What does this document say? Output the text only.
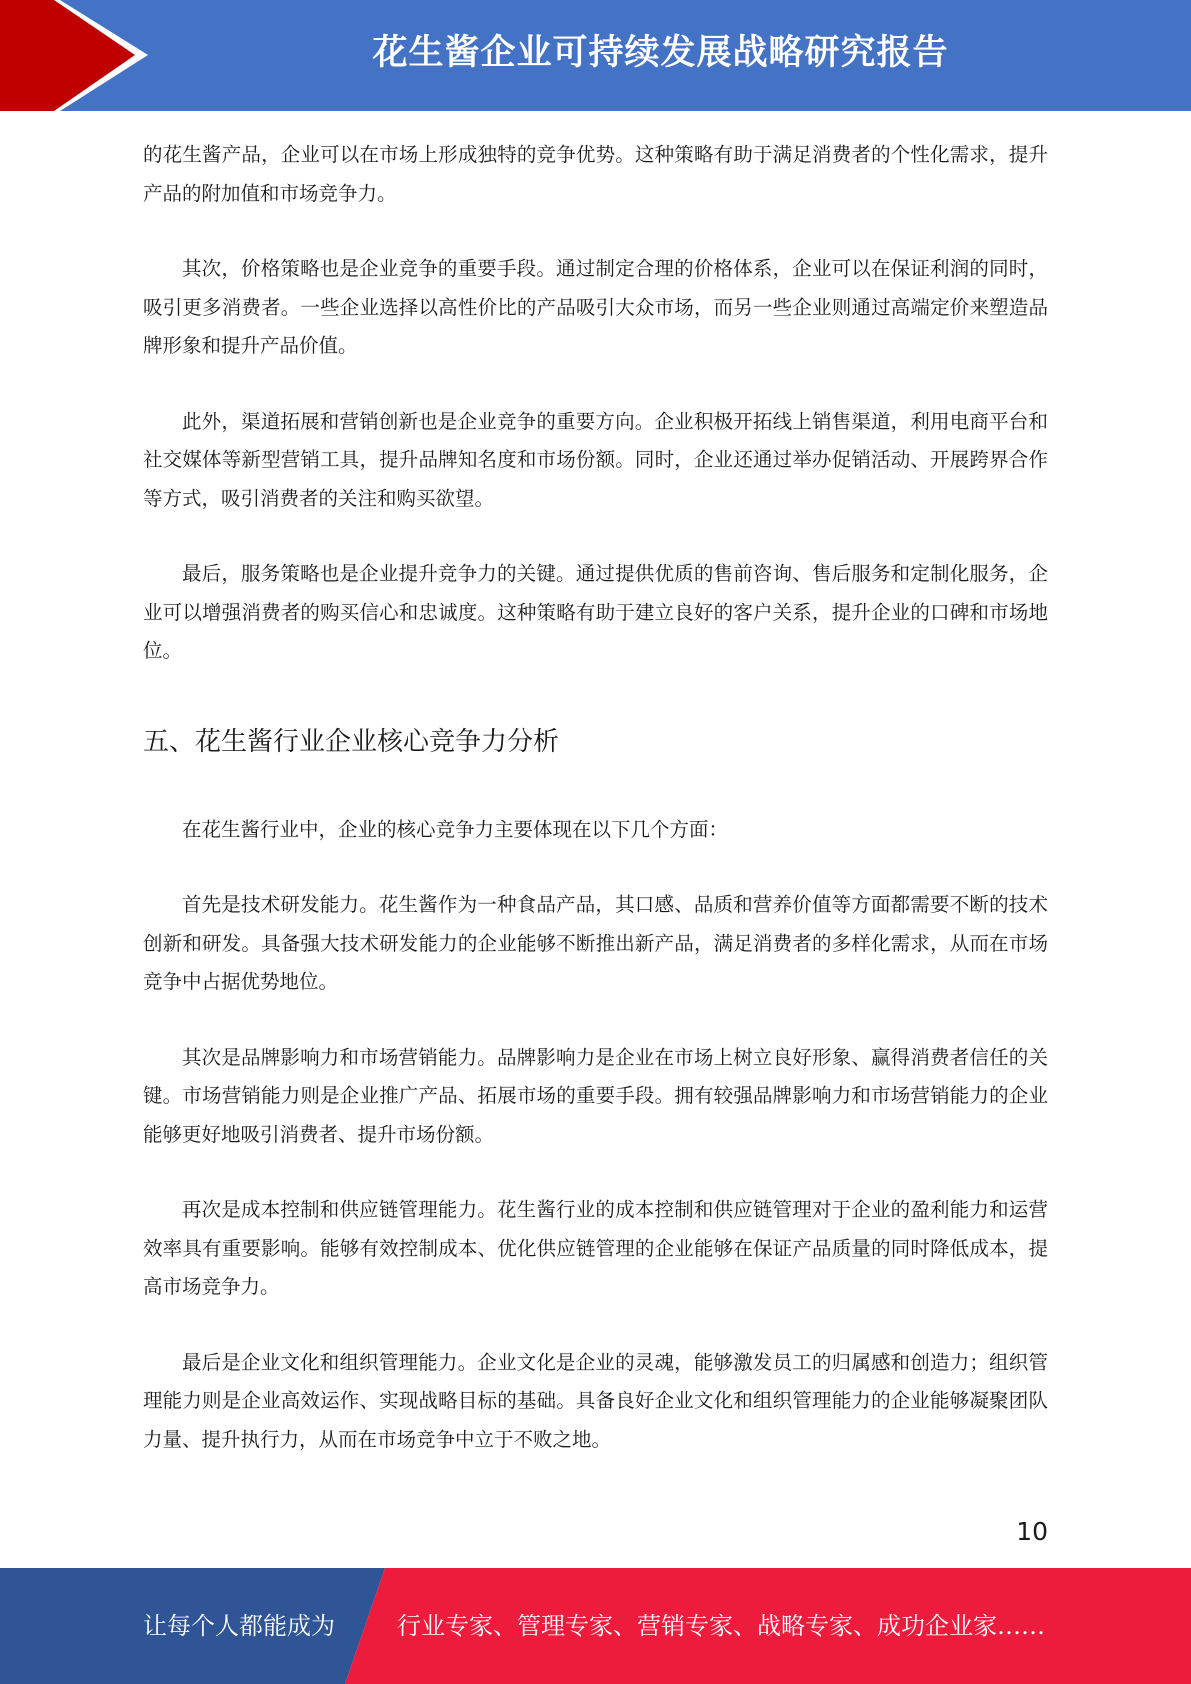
花生酱企业可持续发展战略研究报告

的花生酱产品，企业可以在市场上形成独特的竞争优势。这种策略有助于满足消费者的个性化需求，提升产品的附加值和市场竞争力。

其次，价格策略也是企业竞争的重要手段。通过制定合理的价格体系，企业可以在保证利润的同时，吸引更多消费者。一些企业选择以高性价比的产品吸引大众市场，而另一些企业则通过高端定价来塑造品牌形象和提升产品价值。

此外，渠道拓展和营销创新也是企业竞争的重要方向。企业积极开拓线上销售渠道，利用电商平台和社交媒体等新型营销工具，提升品牌知名度和市场份额。同时，企业还通过举办促销活动、开展跨界合作等方式，吸引消费者的关注和购买欲望。

最后，服务策略也是企业提升竞争力的关键。通过提供优质的售前咨询、售后服务和定制化服务，企业可以增强消费者的购买信心和忠诚度。这种策略有助于建立良好的客户关系，提升企业的口碑和市场地位。

五、花生酱行业企业核心竞争力分析

在花生酱行业中，企业的核心竞争力主要体现在以下几个方面：

首先是技术研发能力。花生酱作为一种食品产品，其口感、品质和营养价值等方面都需要不断的技术创新和研发。具备强大技术研发能力的企业能够不断推出新产品，满足消费者的多样化需求，从而在市场竞争中占据优势地位。

其次是品牌影响力和市场营销能力。品牌影响力是企业在市场上树立良好形象、赢得消费者信任的关键。市场营销能力则是企业推广产品、拓展市场的重要手段。拥有较强品牌影响力和市场营销能力的企业能够更好地吸引消费者、提升市场份额。

再次是成本控制和供应链管理能力。花生酱行业的成本控制和供应链管理对于企业的盈利能力和运营效率具有重要影响。能够有效控制成本、优化供应链管理的企业能够在保证产品质量的同时降低成本，提高市场竞争力。

最后是企业文化和组织管理能力。企业文化是企业的灵魂，能够激发员工的归属感和创造力；组织管理能力则是企业高效运作、实现战略目标的基础。具备良好企业文化和组织管理能力的企业能够凝聚团队力量、提升执行力，从而在市场竞争中立于不败之地。

10
让每个人都能成为	行业专家、管理专家、营销专家、战略专家、成功企业家……
